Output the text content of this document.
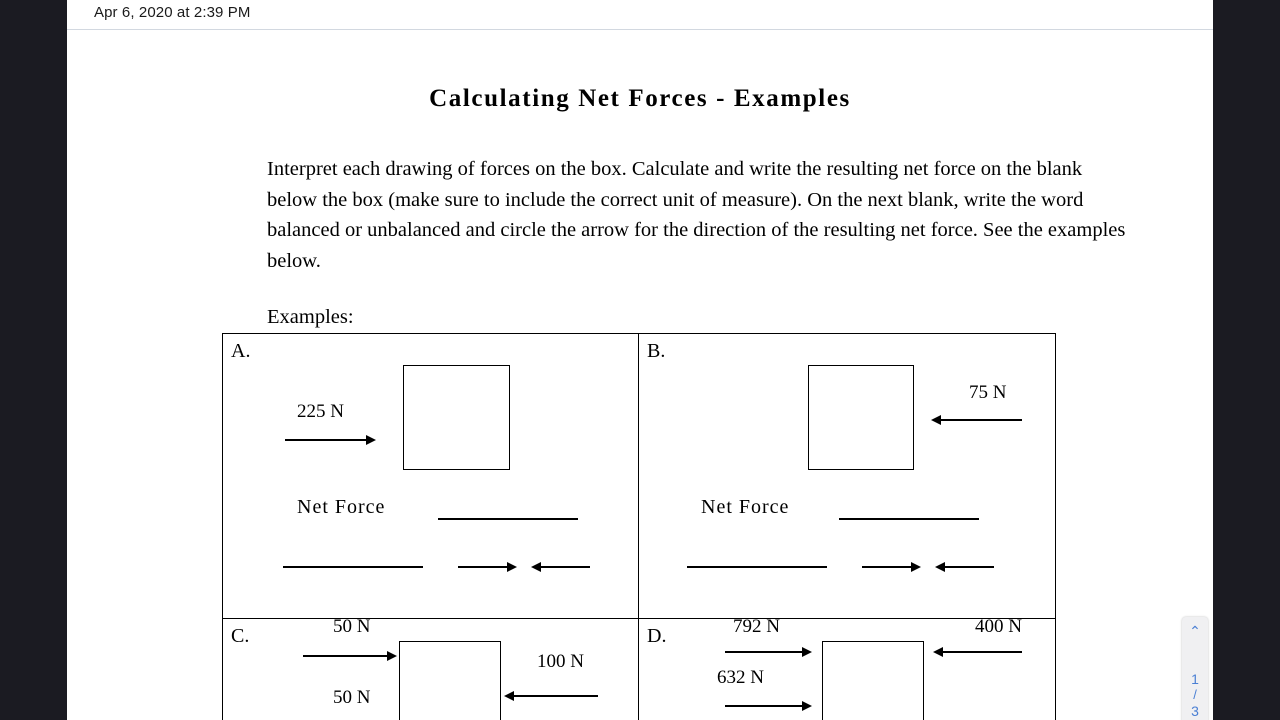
Apr 6, 2020 at 2:39 PM
Calculating Net Forces - Examples
Interpret each drawing of forces on the box. Calculate and write the resulting net force on the blank below the box (make sure to include the correct unit of measure). On the next blank, write the word balanced or unbalanced and circle the arrow for the direction of the resulting net force. See the examples below.
Examples:
A.
225 N
Net Force
B.
75 N
Net Force
C.	50 N
50 N
100 N
D.	792 N
632 N
400 N	⌃
1
/
3
